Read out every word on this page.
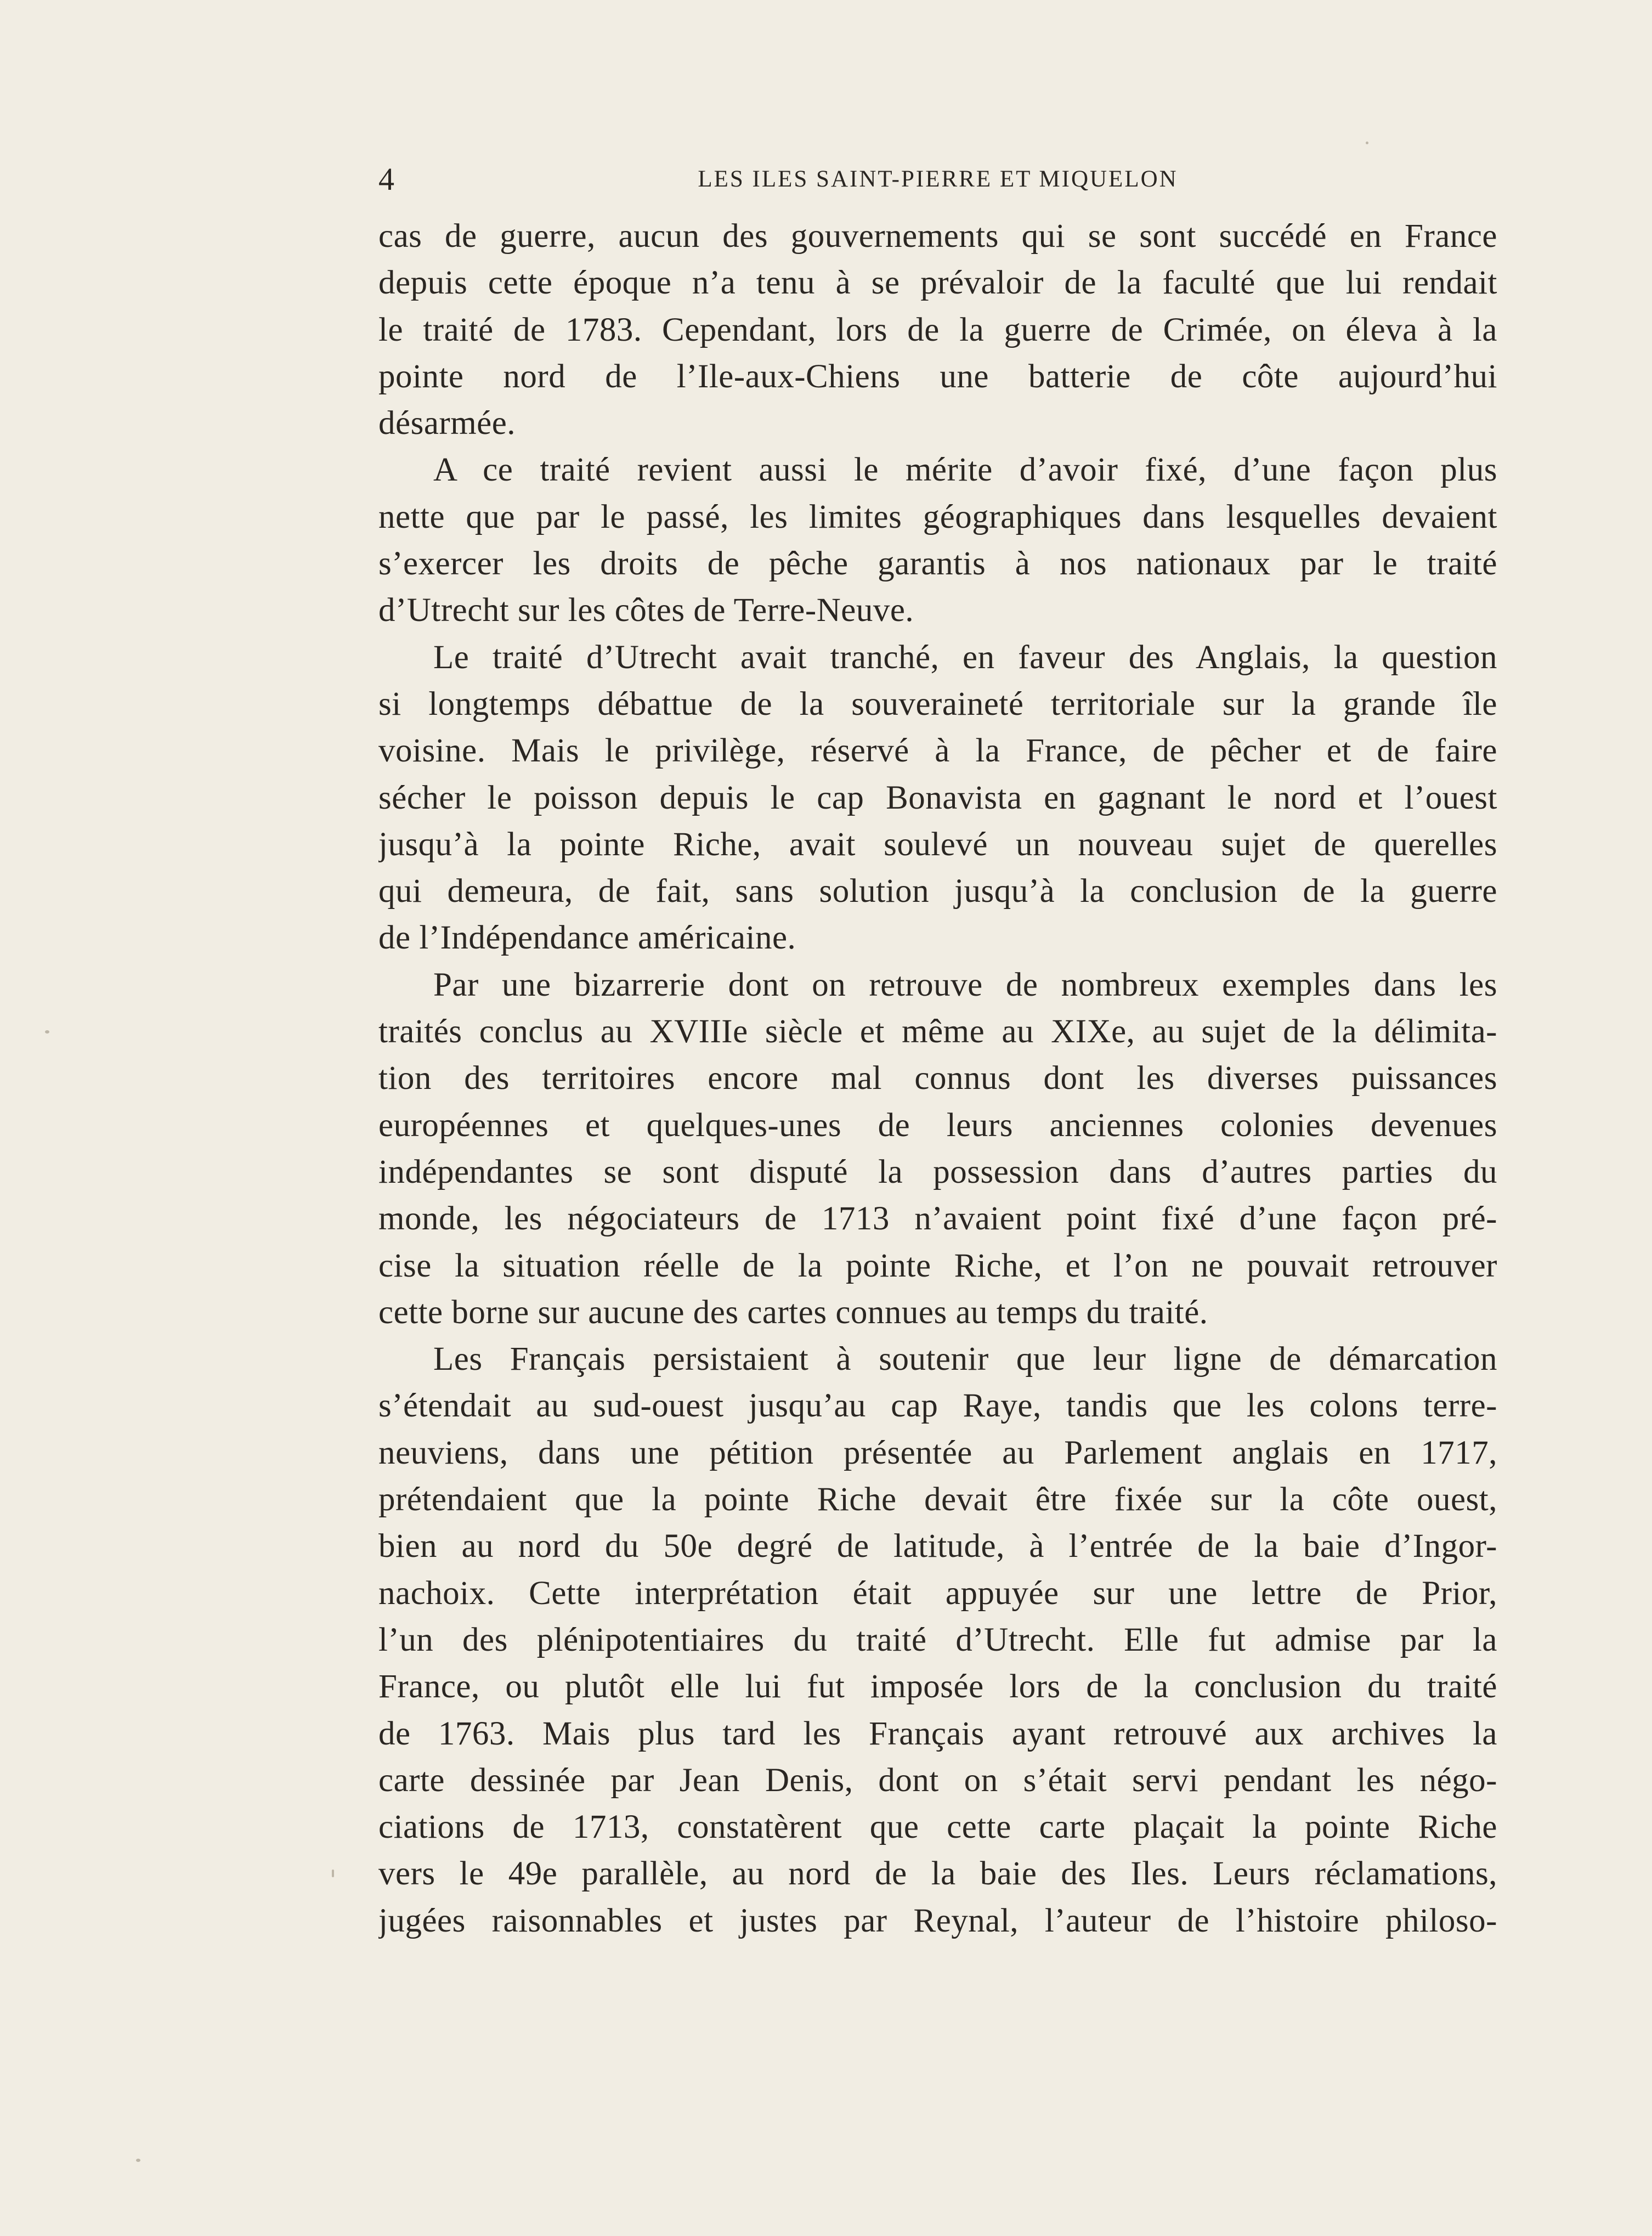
4	LES ILES SAINT-PIERRE ET MIQUELON
cas de guerre, aucun des gouvernements qui se sont succédé en France
depuis cette époque n’a tenu à se prévaloir de la faculté que lui rendait
le traité de 1783. Cependant, lors de la guerre de Crimée, on éleva à la
pointe nord de l’Ile-aux-Chiens une batterie de côte aujourd’hui
désarmée.
A ce traité revient aussi le mérite d’avoir fixé, d’une façon plus
nette que par le passé, les limites géographiques dans lesquelles devaient
s’exercer les droits de pêche garantis à nos nationaux par le traité
d’Utrecht sur les côtes de Terre-Neuve.
Le traité d’Utrecht avait tranché, en faveur des Anglais, la question
si longtemps débattue de la souveraineté territoriale sur la grande île
voisine. Mais le privilège, réservé à la France, de pêcher et de faire
sécher le poisson depuis le cap Bonavista en gagnant le nord et l’ouest
jusqu’à la pointe Riche, avait soulevé un nouveau sujet de querelles
qui demeura, de fait, sans solution jusqu’à la conclusion de la guerre
de l’Indépendance américaine.
Par une bizarrerie dont on retrouve de nombreux exemples dans les
traités conclus au XVIIIe siècle et même au XIXe, au sujet de la délimita-
tion des territoires encore mal connus dont les diverses puissances
européennes et quelques-unes de leurs anciennes colonies devenues
indépendantes se sont disputé la possession dans d’autres parties du
monde, les négociateurs de 1713 n’avaient point fixé d’une façon pré-
cise la situation réelle de la pointe Riche, et l’on ne pouvait retrouver
cette borne sur aucune des cartes connues au temps du traité.
Les Français persistaient à soutenir que leur ligne de démarcation
s’étendait au sud-ouest jusqu’au cap Raye, tandis que les colons terre-
neuviens, dans une pétition présentée au Parlement anglais en 1717,
prétendaient que la pointe Riche devait être fixée sur la côte ouest,
bien au nord du 50e degré de latitude, à l’entrée de la baie d’Ingor-
nachoix. Cette interprétation était appuyée sur une lettre de Prior,
l’un des plénipotentiaires du traité d’Utrecht. Elle fut admise par la
France, ou plutôt elle lui fut imposée lors de la conclusion du traité
de 1763. Mais plus tard les Français ayant retrouvé aux archives la
carte dessinée par Jean Denis, dont on s’était servi pendant les négo-
ciations de 1713, constatèrent que cette carte plaçait la pointe Riche
vers le 49e parallèle, au nord de la baie des Iles. Leurs réclamations,
jugées raisonnables et justes par Reynal, l’auteur de l’histoire philoso-
